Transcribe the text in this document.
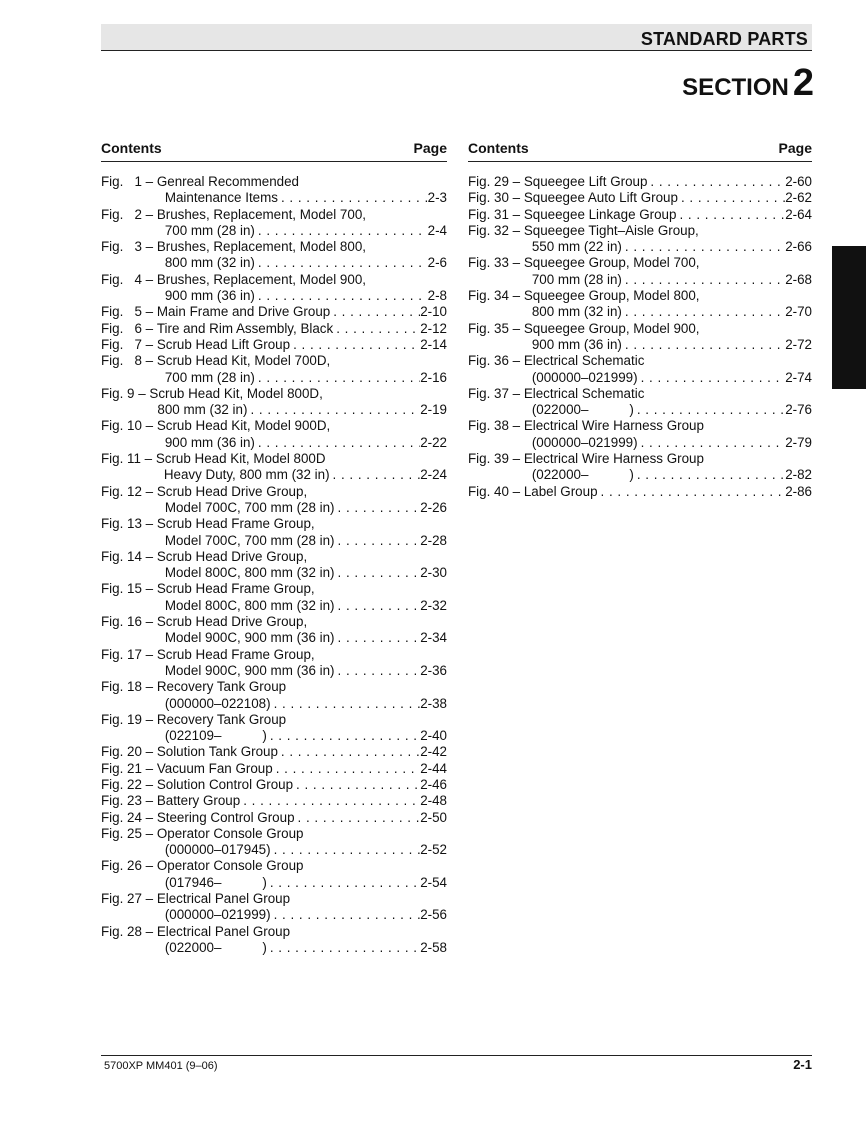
STANDARD PARTS
SECTION 2
Contents	Page
Fig.   1 – Genreal Recommended
Maintenance Items . . .	2-3
Fig.   2 – Brushes, Replacement, Model 700,
700 mm (28 in) . . .	2-4
Fig.   3 – Brushes, Replacement, Model 800,
800 mm (32 in) . . .	2-6
Fig.   4 – Brushes, Replacement, Model 900,
900 mm (36 in) . . .	2-8
Fig.   5 – Main Frame and Drive Group . . .	2-10
Fig.   6 – Tire and Rim Assembly, Black . . .	2-12
Fig.   7 – Scrub Head Lift Group . . .	2-14
Fig.   8 – Scrub Head Kit, Model 700D,
700 mm (28 in) . . .	2-16
Fig. 9 – Scrub Head Kit, Model 800D,
800 mm (32 in) . . .	2-19
Fig. 10 – Scrub Head Kit, Model 900D,
900 mm (36 in) . . .	2-22
Fig. 11 – Scrub Head Kit, Model 800D
Heavy Duty, 800 mm (32 in) . . .	2-24
Fig. 12 – Scrub Head Drive Group,
Model 700C, 700 mm (28 in) . . .	2-26
Fig. 13 – Scrub Head Frame Group,
Model 700C, 700 mm (28 in) . . .	2-28
Fig. 14 – Scrub Head Drive Group,
Model 800C, 800 mm (32 in) . . .	2-30
Fig. 15 – Scrub Head Frame Group,
Model 800C, 800 mm (32 in) . . .	2-32
Fig. 16 – Scrub Head Drive Group,
Model 900C, 900 mm (36 in) . . .	2-34
Fig. 17 – Scrub Head Frame Group,
Model 900C, 900 mm (36 in) . . .	2-36
Fig. 18 – Recovery Tank Group
(000000–022108) . . .	2-38
Fig. 19 – Recovery Tank Group
(022109–           ) . . .	2-40
Fig. 20 – Solution Tank Group . . .	2-42
Fig. 21 – Vacuum Fan Group . . .	2-44
Fig. 22 – Solution Control Group . . .	2-46
Fig. 23 – Battery Group . . .	2-48
Fig. 24 – Steering Control Group . . .	2-50
Fig. 25 – Operator Console Group
(000000–017945) . . .	2-52
Fig. 26 – Operator Console Group
(017946–           ) . . .	2-54
Fig. 27 – Electrical Panel Group
(000000–021999) . . .	2-56
Fig. 28 – Electrical Panel Group
(022000–           ) . . .	2-58
Contents	Page
Fig. 29 – Squeegee Lift Group . . .	2-60
Fig. 30 – Squeegee Auto Lift Group . . .	2-62
Fig. 31 – Squeegee Linkage Group . . .	2-64
Fig. 32 – Squeegee Tight–Aisle Group,
550 mm (22 in) . . .	2-66
Fig. 33 – Squeegee Group, Model 700,
700 mm (28 in) . . .	2-68
Fig. 34 – Squeegee Group, Model 800,
800 mm (32 in) . . .	2-70
Fig. 35 – Squeegee Group, Model 900,
900 mm (36 in) . . .	2-72
Fig. 36 – Electrical Schematic
(000000–021999) . . .	2-74
Fig. 37 – Electrical Schematic
(022000–           ) . . .	2-76
Fig. 38 – Electrical Wire Harness Group
(000000–021999) . . .	2-79
Fig. 39 – Electrical Wire Harness Group
(022000–           ) . . .	2-82
Fig. 40 – Label Group . . .	2-86
5700XP MM401 (9–06)	2-1
